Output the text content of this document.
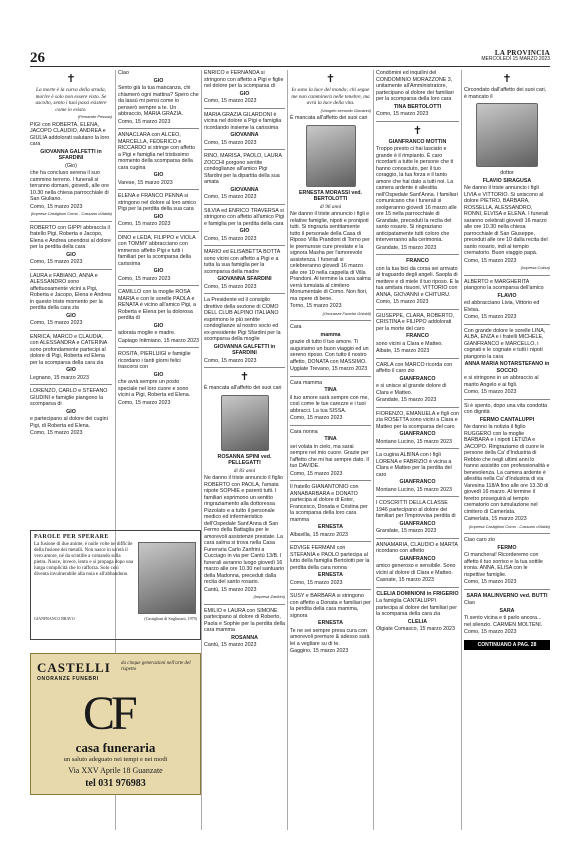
26	LA PROVINCIA
MERCOLEDÌ 15 MARZO 2023
✝

La morte è la curva della strada, morire è solo non essere visto. Se ascolto, sento i tuoi passi esistere come io esisto.

(Fernando Pessoa)

PIGI con ROBERTA, ELENA, JACOPO CLAUDIO, ANDREA e GIULIA addolorati salutano la loro cara

GIOVANNA GALFETTI in SFARDINI

(Gio)

che ha concluso serena il suo cammino terreno. I funerali si terranno domani, giovedì, alle ore 10.30 nella chiesa parrocchiale di San Giuliano.

Como, 15 marzo 2023

(Impresa Castiglioni Como - Cassano d'Adda)

ROBERTO con GIPPI abbraccia il fratello Pigi, Roberta e Jacopo, Elena e Andrea unendosi al dolore per la perdita della cara

GIO

Como, 15 marzo 2023

LAURA e FABIANO, ANNA e ALESSANDRO sono affettuosamente vicini a Pigi, Roberta e Jacopo, Elena e Andrea in questo triste momento per la perdita della cara zia

GIO

Como, 15 marzo 2023

ENRICA, MARCO e CLAUDIA, con ALESSANDRA e CATERINA sono profondamente partecipi al dolore di Pigi, Roberta ed Elena per la scomparsa della cara zia

GIO

Legnano, 15 marzo 2023

LORENZO, CARLO e STEFANO GIUDINI e famiglie piangono la scomparsa di

GIO

e partecipano al dolore dei cugini Pigi, di Roberta ed Elena.

Como, 15 marzo 2023

PAROLE PER SPERARE

La fusione di due anime, è nulle volte ne difficile della fusione dei metalli. Non nasce in un'età il vero amore, né da scintille a comando sulla pietra. Nasce, invece, lento e si propaga dopo una lunga complicità che lo rafforza. Solo così diventa invulnerabile alla noia e all'abbandono.

GIANFRANCO BRAVO	(Castiglioni di Sirgliutarti, 1979)
CASTELLI
ONORANZE FUNEBRI
da cinque generazioni nell'arte del rispetto
CF
casa funeraria
un saluto adeguato nei tempi e nei modi
Via XXV Aprile 18 Guanzate
tel 031 976983

Ciao

GIO

Sento già la tua mancanza, chi chiamerò ogni mattina? Spero che da lassù mi pensi come io penserò sempre a te. Un abbraccio, MARIA GRAZIA.

Como, 15 marzo 2023

ANNACLARA con ALCEO, MARCELLA, FEDERICO e RICCARDO si stringe con affetto a Pigi e famiglia nel tristissimo momento della scomparsa della cara cugina

GIO

Varese, 15 marzo 2023

ELENA e FRANCO PENNA si stringono nel dolore al loro amico Pigi per la perdita della sua cara

GIO

Como, 15 marzo 2023

DINO e LEDA, FILIPPO e VIOLA con TOMMY abbracciano con immenso affetto Pigi e tutti i familiari per la scomparsa della carissima

GIO

Como, 15 marzo 2023

CAMILLO con la moglie ROSA MARIA e con le sorelle PAOLA e RENATA è vicino all'amico Pigi, a Roberta e Elena per la dolorosa perdita di

GIO

adorata moglie e madre.

Capiago Intimiano, 15 marzo 2023

ROSITA, PIERLUIGI e famiglie ricordano i tanti giorni felici trascorsi con

GIO

che avrà sempre un posto speciale nel loro cuore e sono vicini a Pigi, Roberta ed Elena.

Como, 15 marzo 2023

ENRICO e FERNANDA si stringono con affetto a Pigi e figlie nel dolore per la scomparsa di

GIO

Como, 15 marzo 2023

MARIA GRAZIA GILARDONI è vicina nel dolore a Pigi e famiglia ricordando insieme la carissima

GIOVANNA

Como, 15 marzo 2023

RINO, MARISA, PAOLO, LAURA ZOCCHI porgono sentite condoglianze all'amico Pigi Sfardini per la dipartita della sua amata

GIOVANNA

Como, 15 marzo 2023

SILVIA ed ENRICO TRAVERSA si stringono con affetto all'amico Pigi e famiglia per la perdita della cara

GIO

Como, 15 marzo 2023

MARIO ed ELISABETTA BOTTA sono vicini con affetto a Pigi e a tutta la sua famiglia per la scomparsa della madre

GIOVANNA SFARDINI

Como, 15 marzo 2023

La Presidente ed il consiglio direttivo della sezione di COMO DELL CLUB ALPINO ITALIANO esprimono le più sentite condoglianze al nostro socio ed ex-presidente Pigi Sfardini per la scomparsa della moglie

GIOVANNA GALFETTI in SFARDINI

Como, 15 marzo 2023

✝

È mancata all'affetto dei suoi cari

ROSANNA SPINI ved. PELLEGATTI

di 83 anni

Ne danno il triste annuncio il figlio ROBERTO con PAOLA, l'amata nipote SOPHIE e parenti tutti. I familiari esprimono un sentito ringraziamento alla dottoressa Pizzolato e a tutto il personale medico ed infermieristico dell'Ospedale Sant'Anna di San Fermo della Battaglia per le amorevoli assistenze prestate. La cara salma si trova nella Casa Funeraria Carlo Zanfrini a Cucciago in via per Cantù 13/B. I funerali avranno luogo giovedì 16 marzo alle ore 10.30 nel santuario della Madonna, preceduti dalla recita del santo rosario.

Cantù, 15 marzo 2023

(Impresa Zanfrini)

EMILIO e LAURA con SIMONE partecipano al dolore di Roberto, Paola e Sophie per la perdita della cara mamma

ROSANNA

Cantù, 15 marzo 2023

✝

Io sono la luce del mondo; chi segue me non camminerà nelle tenebre, ma avrà la luce della vita.

(Vangelo secondo Giovanni)

È mancata all'affetto dei suoi cari

ERNESTA MORASSI ved. BERTOLOTTI

di 96 anni

Ne danno il triste annuncio i figli e relative famiglie, nipoti e pronipoti tutti. Si ringrazia sentitamente tutto il personale della Casa di Riposo Villa Prandoni di Torno per le premurose cure prestate e la signora Masha per l'amorevole assistenza. I funerali si celebreranno giovedì 16 marzo alle ore 10 nella cappella di Villa Prandoni. Al termine la cara salma verrà tumulata al cimitero Monumentale di Como. Non fiori, ma opere di bene.

Torno, 15 marzo 2023

(Onoranze Funebri Ghioldi)

Cara

mamma

grazie di tutto il tuo amore. Ti auguriamo un buon viaggio ed un sereno riposo. Con tutto il nostro affetto, DONATA con MASSIMO.

Uggiate Trevano, 15 marzo 2023

Cara mamma

TINA

il tuo amore sarà sempre con me, così come le tue carezze e i tuoi abbracci. La tua SISSA.

Como, 15 marzo 2023

Cara nonna

TINA

sei volata in cielo, ma sarai sempre nel mio cuore. Grazie per l'affetto che mi hai sempre dato. Il tuo DAVIDE.

Como, 15 marzo 2023

Il fratello GIANANTONIO con ANNABARBARA e DONATO partecipa al dolore di Ester, Francesco, Donata e Cristina per la scomparsa della loro cara mamma

ERNESTA

Albavilla, 15 marzo 2023

EDVIGE FERMANI con STEFANIA e PAOLO partecipa al lutto della famiglia Bertolotti per la perdita della cara nonna

ERNESTA

Como, 15 marzo 2023

SUSY e BARBARA si stringono con affetto a Donata e familiari per la perdita della cara mamma, signora

ERNESTA

Te ne sei sempre presa cura con amorevoli premure & adesso sarà lei a vegliare su di te.

Gaggino, 15 marzo 2023

Condòmini ed inquilini del CONDOMINIO MORAZZONE 3, unitamente all'Amministratore, partecipano al dolore dei familiari per la scomparsa della loro cara

TINA BERTOLOTTI

Como, 15 marzo 2023

✝

GIANFRANCO MOTTIN

Troppo presto ci hai lasciato e grande è il rimpianto. È caro ricordarti a tutte le persone che ti hanno conosciuto, per il tuo coraggio, la tua forza e il tanto amore che hai dato a tutti noi. La camera ardente è allestita nell'Ospedale Sant'Anna. I familiari comunicano che i funerali si svolgeranno giovedì 16 marzo alle ore 15 nella parrocchiale di Grandate, preceduti la recita del santo rosario. Si ringraziano anticipatamente tutti coloro che interverranno alla cerimonia.

Grandate, 15 marzo 2023

FRANCO

con la tua bici da corsa sei arrivato al traguardo degli angeli. Saopla di mettere e di miele il tuo riposo. E la tua amitara risuoni, VITTORIO con ANNA, GIOVANNI e CHITURU.

Como, 15 marzo 2023

GIUSEPPE, CLARA, ROBERTO, CRISTINA e FILIPPO addolorati per la morte del caro

FRANCO

sono vicini a Clara e Matteo.

Albate, 15 marzo 2023

CARLA con MARCO ricorda con affetto il caro zio

GIANFRANCO

e si unisce al grande dolore di Clara e Matteo.

Grandate, 15 marzo 2023

FIORENZO, EMANUELA e figli con zia ROSETTA sono vicini a Clara e Matteo per la scomparsa del caro

GIANFRANCO

Montano Lucino, 15 marzo 2023

La cugina ALBINA con i figli LORENA e FABRIZIO è vicina a Clara e Matteo per la perdita del caro

GIANFRANCO

Montano Lucino, 15 marzo 2023

I COSCRITTI DELLA CLASSE 1946 partecipano al dolore dei familiari per l'improvvisa perdita di

GIANFRANCO

Grandate, 15 marzo 2023

ANNAMARIA, CLAUDIO e MARTA ricordano con affetto

GIANFRANCO

amico generoso e sensibile. Sono vicini al dolore di Clara e Matteo.

Casnate, 15 marzo 2023

CLELIA DOMINIONI in FRIGERIO

La famiglia CANTALUPPI partecipa al dolore dei familiari per la scomparsa della cara zia

CLELIA

Olgiate Comasco, 15 marzo 2023

✝

Circondato dall'affetto dei suoi cari, è mancato il

dottor

FLAVIO SIRAGUSA

Ne danno il triste annuncio i figli LIVIA e VITTORIO. Si uniscono al dolore PIETRO, BARBARA, ROSSELLA, ALESSANDRO, RONNI, ELVISA e ELENA. I funerali saranno celebrati giovedì 16 marzo alle ore 10.30 nella chiesa parrocchiale di San Giuseppe, preceduti alle ore 10 dalla recita del santo rosario, indi al tempio crematorio. Buon viaggio papà.

Como, 15 marzo 2023

(Impresa Colisa)

ALBERTO e MARGHERITA piangono la scomparsa dell'amico

FLAVIO

ed abbracciano Livia, Vittorio ed Elvisa.

Como, 15 marzo 2023

Con grande dolore le sorelle LINA, ALBA, ENZA e i fratelli MICHELE, GIANFRANCO e MARCELLO, i cognati e le cognate e tutti i nipoti piangono la cara

ANNA MARIA NOTARSTEFANO in SOCCIO

e si stringono in un abbraccio al marito Angelo e ai figli.

Como, 15 marzo 2023

Si è spento, dopo una vita condotta con dignità

FERMO CANTALUPPI

Ne danno la notizia il figlio RUGGERO con la moglie BARBARA e i nipoti LETIZIA e JACOPO. Ringraziamo di cuore le persone della Ca' d'Industria di Rebbio che negli ultimi anni lo hanno assistito con professionalità e benevolenza. La camera ardente è allestita nella Ca' d'Industria di via Varesina 118/A fino alle ore 13.30 di giovedì 16 marzo. Al termine il feretro proseguirà al tempio crematorio con tumulazione nel cimitero di Camerlata.

Camerlata, 15 marzo 2023

(Impresa Castiglioni Como - Cassano d'Adda)

Ciao caro zio

FERMO

Ci mancherai! Ricorderemo con affetto il tuo sorriso e la tua sottile ironia. ANNA, ELISA con le rispettive famiglie.

Como, 15 marzo 2023

SARA MALINVERNO ved. BUTTI

Ciao

SARA

Ti sento vicina e ti parlo ancora... nel silenzio. CARMEN MOLTENI.

Como, 15 marzo 2023

CONTINUANO A PAG. 28
